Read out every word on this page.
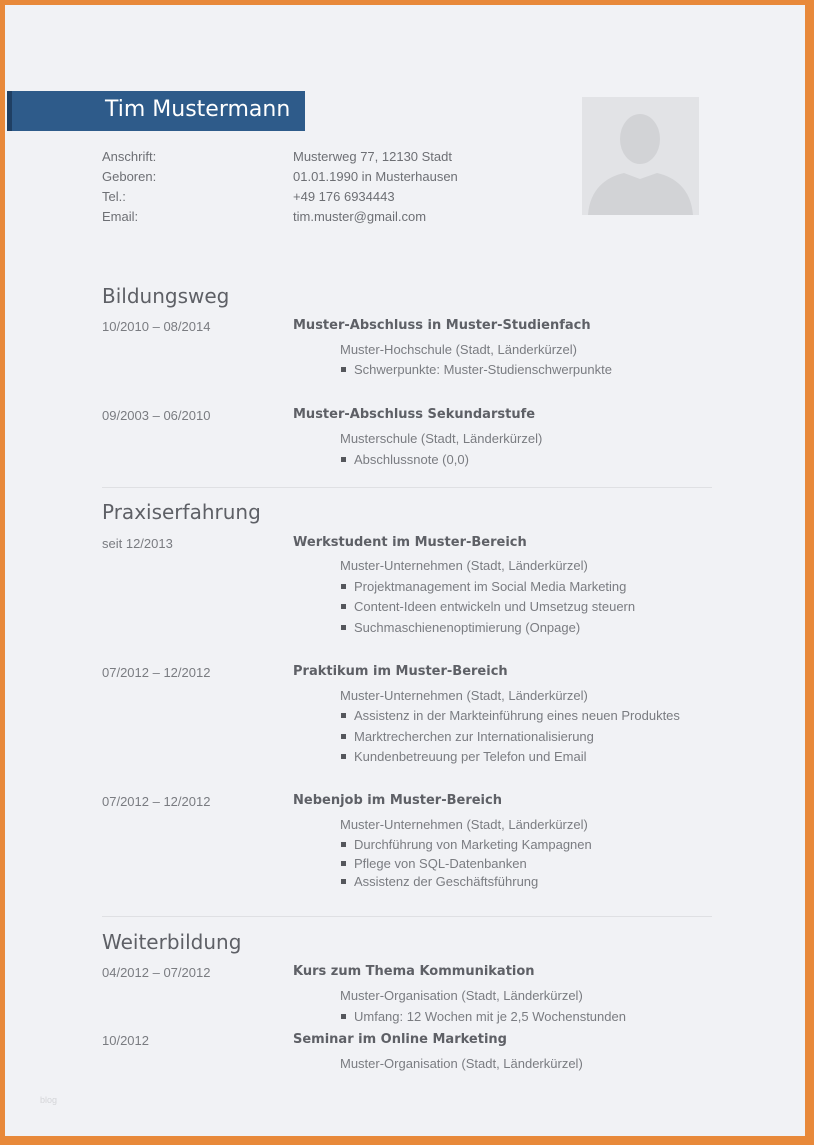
Tim Mustermann
Anschrift:	Musterweg 77, 12130 Stadt
Geboren:	01.01.1990 in Musterhausen
Tel.:	+49 176 6934443
Email:	tim.muster@gmail.com
Bildungsweg
10/2010 – 08/2014	Muster-Abschluss in Muster-Studienfach
Muster-Hochschule (Stadt, Länderkürzel)
Schwerpunkte: Muster-Studienschwerpunkte
09/2003 – 06/2010	Muster-Abschluss Sekundarstufe
Musterschule (Stadt, Länderkürzel)
Abschlussnote (0,0)
Praxiserfahrung
seit 12/2013	Werkstudent im Muster-Bereich
Muster-Unternehmen (Stadt, Länderkürzel)
Projektmanagement im Social Media Marketing
Content-Ideen entwickeln und Umsetzug steuern
Suchmaschienenoptimierung (Onpage)
07/2012 – 12/2012	Praktikum im Muster-Bereich
Muster-Unternehmen (Stadt, Länderkürzel)
Assistenz in der Markteinführung eines neuen Produktes
Marktrecherchen zur Internationalisierung
Kundenbetreuung per Telefon und Email
07/2012 – 12/2012	Nebenjob im Muster-Bereich
Muster-Unternehmen (Stadt, Länderkürzel)
Durchführung von Marketing Kampagnen
Pflege von SQL-Datenbanken
Assistenz der Geschäftsführung
Weiterbildung
04/2012 – 07/2012	Kurs zum Thema Kommunikation
Muster-Organisation (Stadt, Länderkürzel)
Umfang: 12 Wochen mit je 2,5 Wochenstunden
10/2012	Seminar im Online Marketing
Muster-Organisation (Stadt, Länderkürzel)
blog
